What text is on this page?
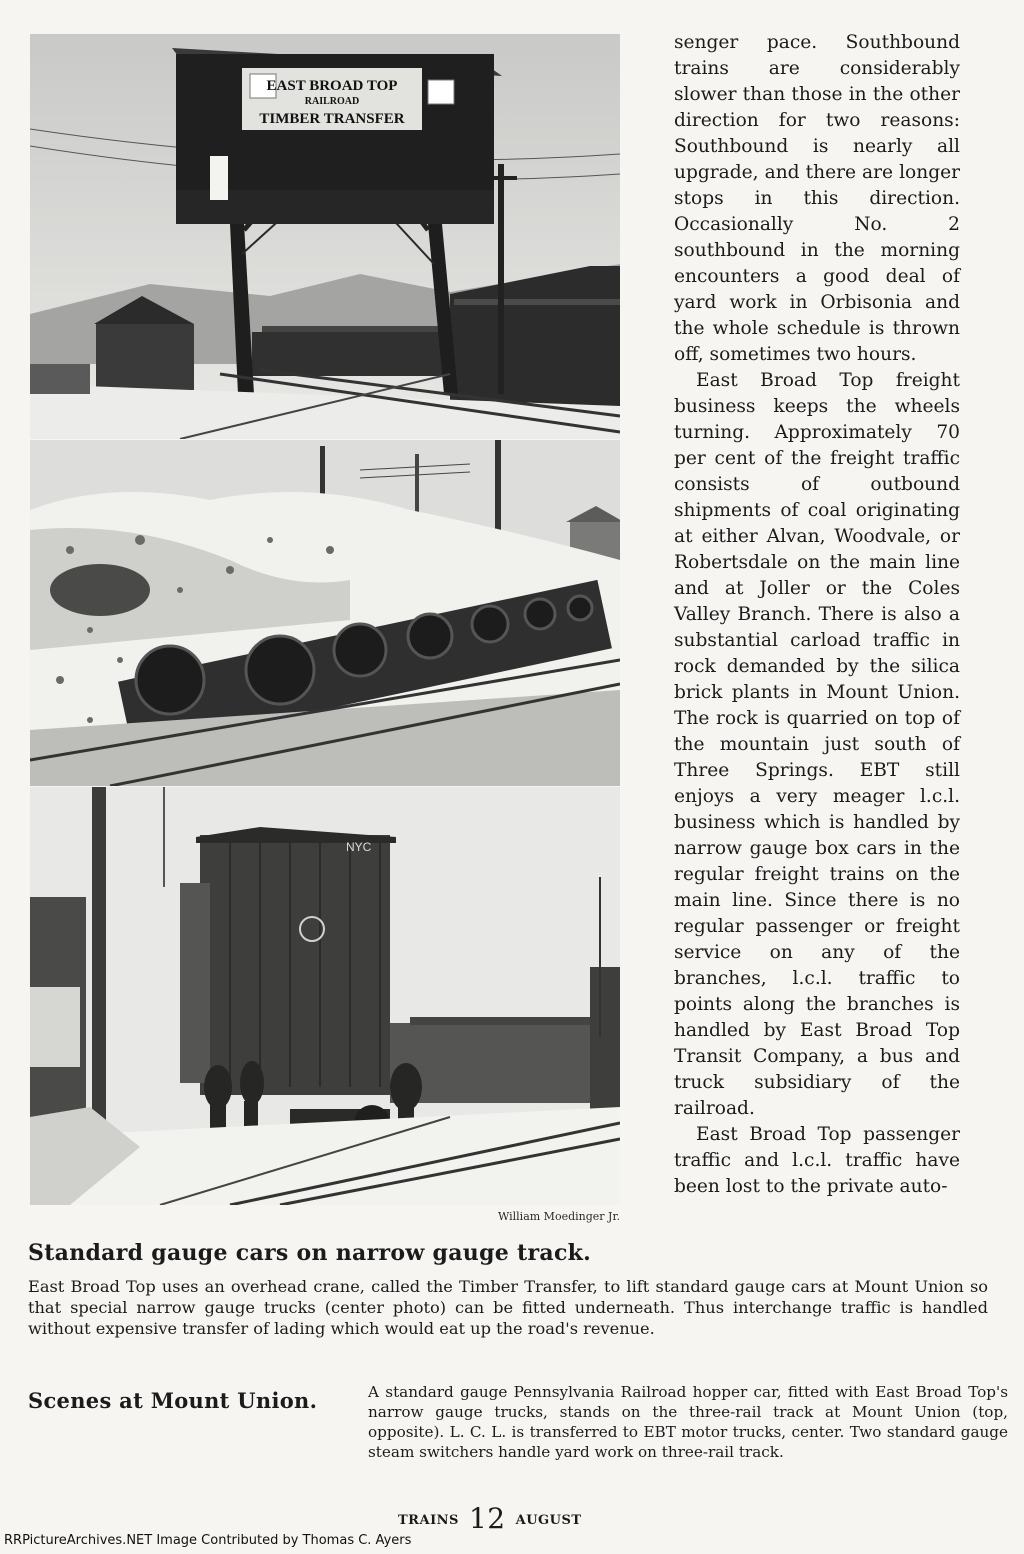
EAST BROAD TOP
RAILROAD
TIMBER TRANSFER
NYC
William Moedinger Jr.

senger pace. Southbound trains are considerably slower than those in the other direction for two reasons: Southbound is nearly all upgrade, and there are longer stops in this direction. Occasionally No. 2 southbound in the morning encounters a good deal of yard work in Orbisonia and the whole schedule is thrown off, sometimes two hours.

East Broad Top freight business keeps the wheels turning. Approximately 70 per cent of the freight traffic consists of outbound shipments of coal originating at either Alvan, Woodvale, or Robertsdale on the main line and at Joller or the Coles Valley Branch. There is also a substantial carload traffic in rock demanded by the silica brick plants in Mount Union. The rock is quarried on top of the mountain just south of Three Springs. EBT still enjoys a very meager l.c.l. business which is handled by narrow gauge box cars in the regular freight trains on the main line. Since there is no regular passenger or freight service on any of the branches, l.c.l. traffic to points along the branches is handled by East Broad Top Transit Company, a bus and truck subsidiary of the railroad.

East Broad Top passenger traffic and l.c.l. traffic have been lost to the private auto-

Standard gauge cars on narrow gauge track.
East Broad Top uses an overhead crane, called the Timber Transfer, to lift standard gauge cars at Mount Union so that special narrow gauge trucks (center photo) can be fitted underneath. Thus interchange traffic is handled without expensive transfer of lading which would eat up the road's revenue.
Scenes at Mount Union.	A standard gauge Pennsylvania Railroad hopper car, fitted with East Broad Top's narrow gauge trucks, stands on the three-rail track at Mount Union (top, opposite). L. C. L. is transferred to EBT motor trucks, center. Two standard gauge steam switchers handle yard work on three-rail track.
TRAINS 12 AUGUST
RRPictureArchives.NET Image Contributed by Thomas C. Ayers
